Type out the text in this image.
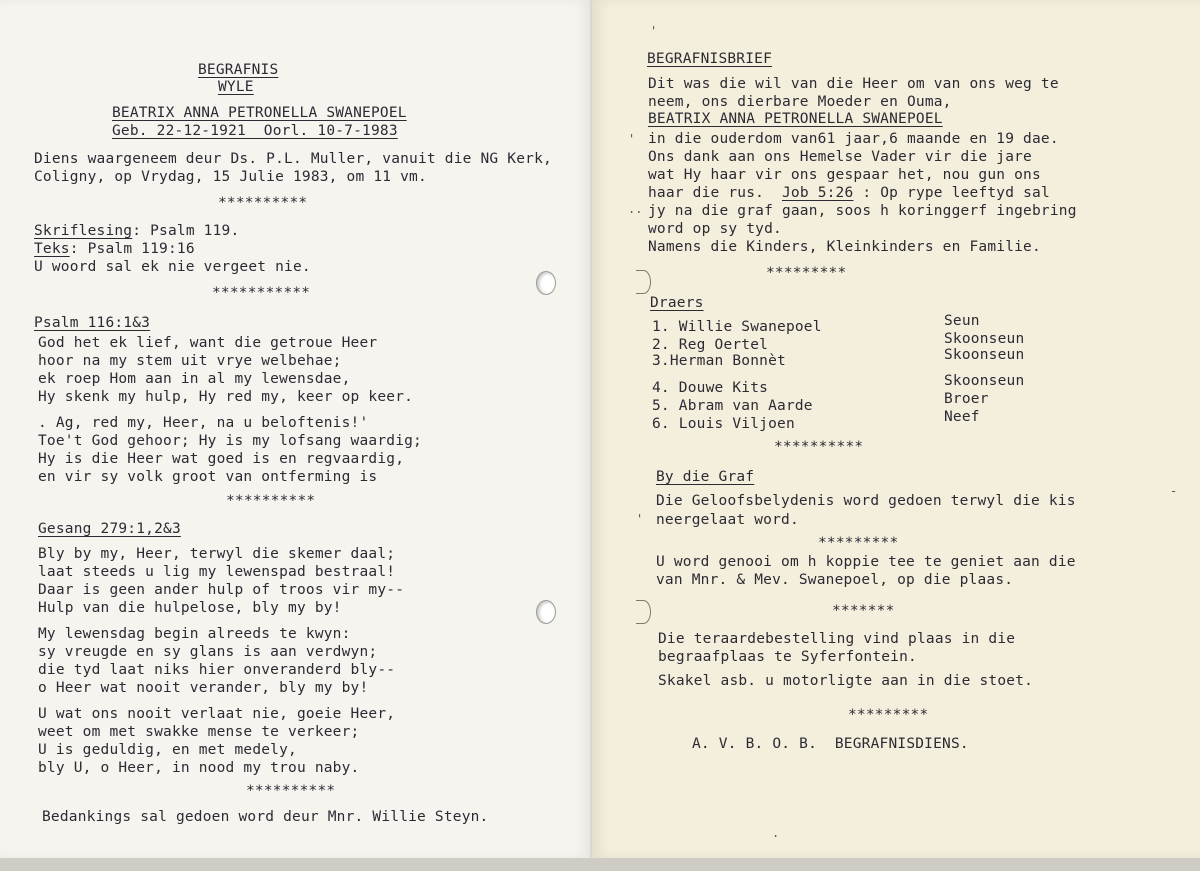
BEGRAFNIS
WYLE
BEATRIX ANNA PETRONELLA SWANEPOEL
Geb. 22-12-1921  Oorl. 10-7-1983
Diens waargeneem deur Ds. P.L. Muller, vanuit die NG Kerk,
Coligny, op Vrydag, 15 Julie 1983, om 11 vm.
**********
Skriflesing: Psalm 119.
Teks: Psalm 119:16
U woord sal ek nie vergeet nie.
***********
Psalm 116:1&3
God het ek lief, want die getroue Heer
hoor na my stem uit vrye welbehae;
ek roep Hom aan in al my lewensdae,
Hy skenk my hulp, Hy red my, keer op keer.
. Ag, red my, Heer, na u beloftenis!'
Toe't God gehoor; Hy is my lofsang waardig;
Hy is die Heer wat goed is en regvaardig,
en vir sy volk groot van ontferming is
**********
Gesang 279:1,2&3
Bly by my, Heer, terwyl die skemer daal;
laat steeds u lig my lewenspad bestraal!
Daar is geen ander hulp of troos vir my--
Hulp van die hulpelose, bly my by!
My lewensdag begin alreeds te kwyn:
sy vreugde en sy glans is aan verdwyn;
die tyd laat niks hier onveranderd bly--
o Heer wat nooit verander, bly my by!
U wat ons nooit verlaat nie, goeie Heer,
weet om met swakke mense te verkeer;
U is geduldig, en met medely,
bly U, o Heer, in nood my trou naby.
**********
Bedankings sal gedoen word deur Mnr. Willie Steyn.
BEGRAFNISBRIEF
Dit was die wil van die Heer om van ons weg te
neem, ons dierbare Moeder en Ouma,
BEATRIX ANNA PETRONELLA SWANEPOEL
in die ouderdom van61 jaar,6 maande en 19 dae.
Ons dank aan ons Hemelse Vader vir die jare
wat Hy haar vir ons gespaar het, nou gun ons
haar die rus. Job 5:26 : Op rype leeftyd sal
jy na die graf gaan, soos h koringgerf ingebring
word op sy tyd.
Namens die Kinders, Kleinkinders en Familie.
*********
Draers
1. Willie Swanepoel	Seun
2. Reg Oertel	Skoonseun
3.Herman Bonnèt	Skoonseun
4. Douwe Kits	Skoonseun
5. Abram van Aarde	Broer
6. Louis Viljoen	Neef
**********
By die Graf
Die Geloofsbelydenis word gedoen terwyl die kis
neergelaat word.
*********
U word genooi om h koppie tee te geniet aan die
van Mnr. & Mev. Swanepoel, op die plaas.
*******
Die teraardebestelling vind plaas in die
begraafplaas te Syferfontein.
Skakel asb. u motorligte aan in die stoet.
*********
A. V. B. O. B.  BEGRAFNISDIENS.
'
'
..
'
-
.
